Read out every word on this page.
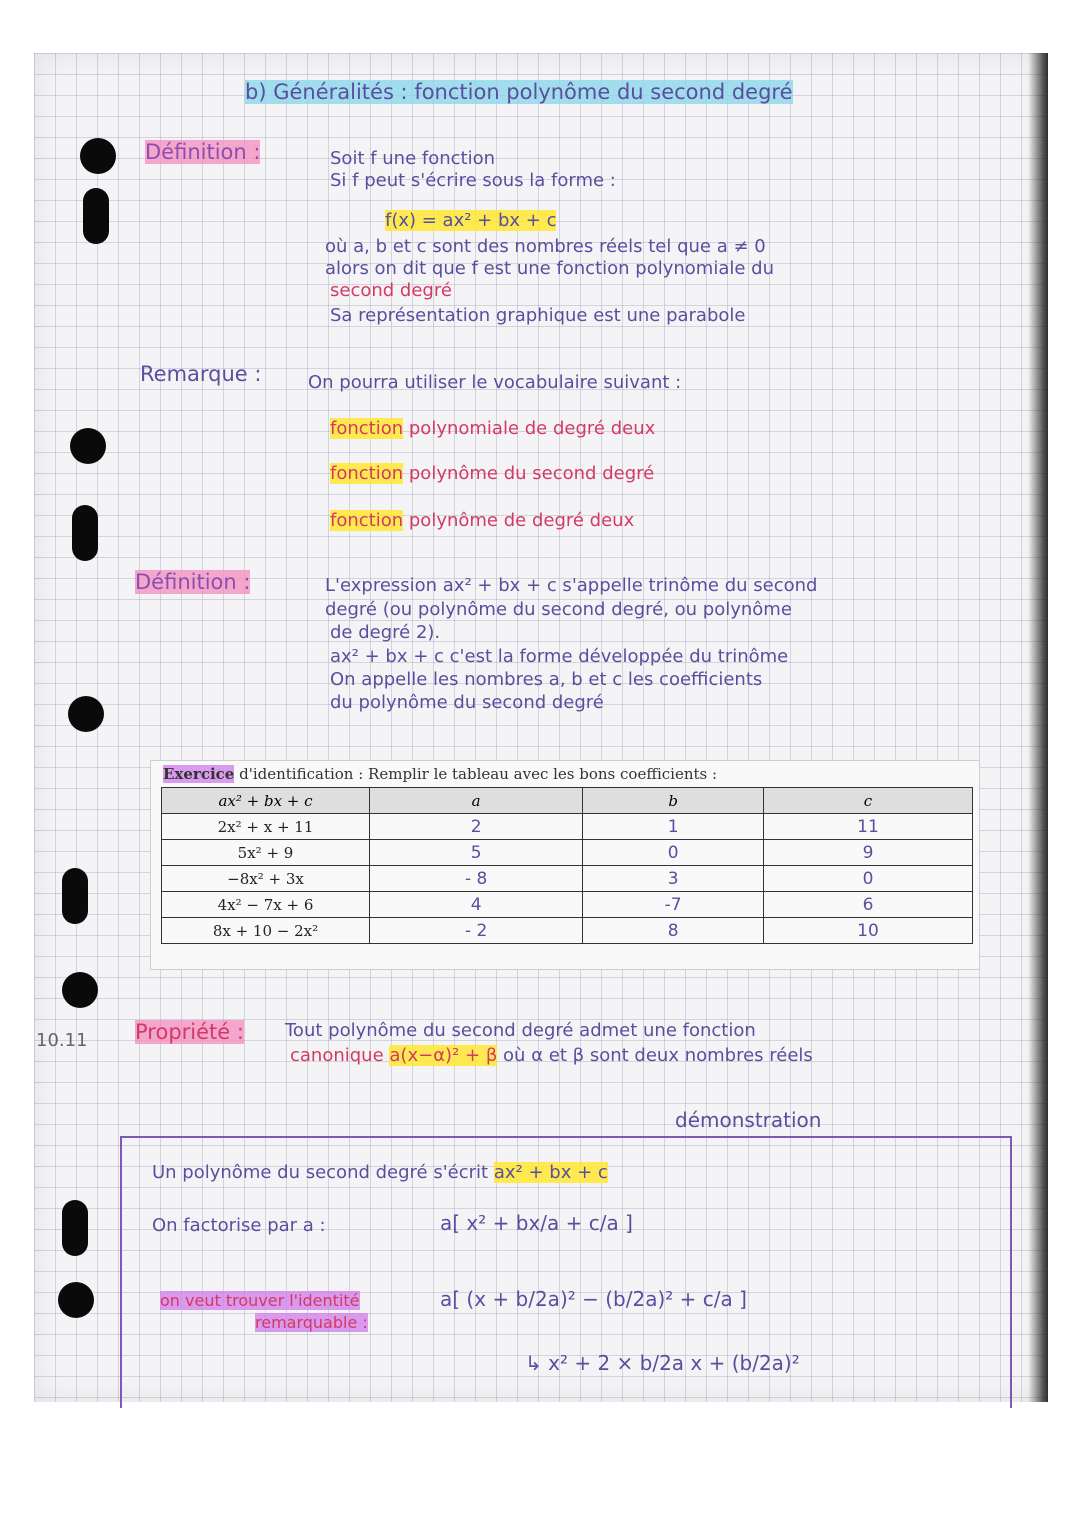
b) Généralités : fonction polynôme du second degré
Définition :	Soit f une fonction
Si f peut s'écrire sous la forme :
f(x) = ax² + bx + c
où a, b et c sont des nombres réels tel que a ≠ 0
alors on dit que f est une fonction polynomiale du
second degré
Sa représentation graphique est une parabole
Remarque :	On pourra utiliser le vocabulaire suivant :
fonction polynomiale de degré deux
fonction polynôme du second degré
fonction polynôme de degré deux
Définition :	L'expression ax² + bx + c s'appelle trinôme du second
degré (ou polynôme du second degré, ou polynôme
de degré 2).
ax² + bx + c c'est la forme développée du trinôme
On appelle les nombres a, b et c les coefficients
du polynôme du second degré
Exercice d'identification : Remplir le tableau avec les bons coefficients :
ax² + bx + c	a	b	c
2x² + x + 11	2	1	11
5x² + 9	5	0	9
−8x² + 3x	- 8	3	0
4x² − 7x + 6	4	-7	6
8x + 10 − 2x²	- 2	8	10
10.11 Propriété : Tout polynôme du second degré admet une fonction
canonique a(x−α)² + β où α et β sont deux nombres réels
démonstration
Un polynôme du second degré s'écrit ax² + bx + c
On factorise par a :	a[ x² + bx/a + c/a ]
on veut trouver l'identité
remarquable :
a[ (x + b/2a)² − (b/2a)² + c/a ]
↳ x² + 2 × b/2a x + (b/2a)²
